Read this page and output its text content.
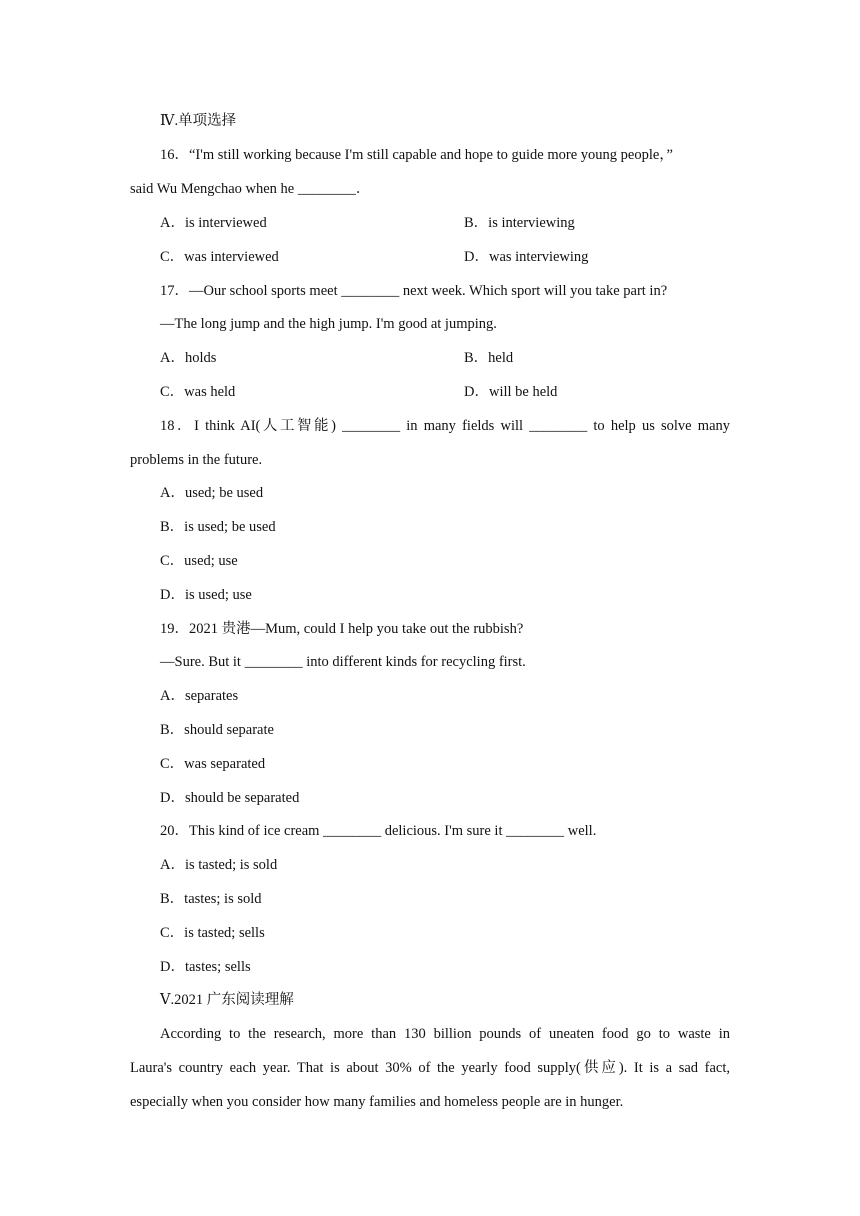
Ⅳ.单项选择
16．“I'm still working because I'm still capable and hope to guide more young people，”
said Wu Mengchao when he ________．
A．is interviewed	B．is interviewing
C．was interviewed	D．was interviewing
17．—Our school sports meet ________ next week. Which sport will you take part in?
—The long jump and the high jump. I'm good at jumping.
A．holds	B．held
C．was held	D．will be held
18．I think AI(人工智能) ________ in many fields will ________ to help us solve many
problems in the future.
A．used; be used
B．is used; be used
C．used; use
D．is used; use
19．2021 贵港—Mum, could I help you take out the rubbish?
—Sure. But it ________ into different kinds for recycling first.
A．separates
B．should separate
C．was separated
D．should be separated
20．This kind of ice cream ________ delicious. I'm sure it ________ well.
A．is tasted; is sold
B．tastes; is sold
C．is tasted; sells
D．tastes; sells
Ⅴ.2021 广东阅读理解
According to the research, more than 130 billion pounds of uneaten food go to waste in
Laura's country each year. That is about 30% of the yearly food supply(供应). It is a sad fact,
especially when you consider how many families and homeless people are in hunger.
